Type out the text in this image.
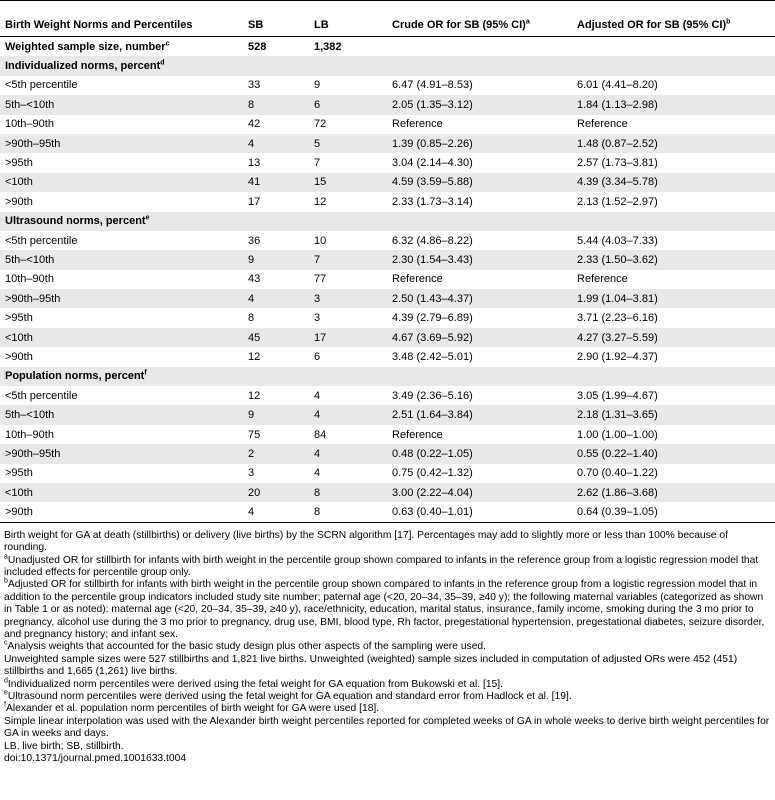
Birth Weight Norms and Percentiles	SB	LB	Crude OR for SB (95% CI)$^a$	Adjusted OR for SB (95% CI)$^b$
Weighted sample size, number$^c$	528	1,382		
Individualized norms, percent$^d$				
<5th percentile	33	9	6.47 (4.91–8.53)	6.01 (4.41–8.20)
5th–<10th	8	6	2.05 (1.35–3.12)	1.84 (1.13–2.98)
10th–90th	42	72	Reference	Reference
>90th–95th	4	5	1.39 (0.85–2.26)	1.48 (0.87–2.52)
>95th	13	7	3.04 (2.14–4.30)	2.57 (1.73–3.81)
<10th	41	15	4.59 (3.59–5.88)	4.39 (3.34–5.78)
>90th	17	12	2.33 (1.73–3.14)	2.13 (1.52–2.97)
Ultrasound norms, percent$^e$				
<5th percentile	36	10	6.32 (4.86–8.22)	5.44 (4.03–7.33)
5th–<10th	9	7	2.30 (1.54–3.43)	2.33 (1.50–3.62)
10th–90th	43	77	Reference	Reference
>90th–95th	4	3	2.50 (1.43–4.37)	1.99 (1.04–3.81)
>95th	8	3	4.39 (2.79–6.89)	3.71 (2.23–6.16)
<10th	45	17	4.67 (3.69–5.92)	4.27 (3.27–5.59)
>90th	12	6	3.48 (2.42–5.01)	2.90 (1.92–4.37)
Population norms, percent$^f$				
<5th percentile	12	4	3.49 (2.36–5.16)	3.05 (1.99–4.67)
5th–<10th	9	4	2.51 (1.64–3.84)	2.18 (1.31–3.65)
10th–90th	75	84	Reference	1.00 (1.00–1.00)
>90th–95th	2	4	0.48 (0.22–1.05)	0.55 (0.22–1.40)
>95th	3	4	0.75 (0.42–1.32)	0.70 (0.40–1.22)
<10th	20	8	3.00 (2.22–4.04)	2.62 (1.86–3.68)
>90th	4	8	0.63 (0.40–1.01)	0.64 (0.39–1.05)
Birth weight for GA at death (stillbirths) or delivery (live births) by the SCRN algorithm [17]. Percentages may add to slightly more or less than 100% because of rounding.
$^a$Unadjusted OR for stillbirth for infants with birth weight in the percentile group shown compared to infants in the reference group from a logistic regression model that included effects for percentile group only.
$^b$Adjusted OR for stillbirth for infants with birth weight in the percentile group shown compared to infants in the reference group from a logistic regression model that in addition to the percentile group indicators included study site number; paternal age (<20, 20–34, 35–39, ≥40 y); the following maternal variables (categorized as shown in Table 1 or as noted): maternal age (<20, 20–34, 35–39, ≥40 y), race/ethnicity, education, marital status, insurance, family income, smoking during the 3 mo prior to pregnancy, alcohol use during the 3 mo prior to pregnancy, drug use, BMI, blood type, Rh factor, pregestational hypertension, pregestational diabetes, seizure disorder, and pregnancy history; and infant sex.
$^c$Analysis weights that accounted for the basic study design plus other aspects of the sampling were used.
Unweighted sample sizes were 527 stillbirths and 1,821 live births. Unweighted (weighted) sample sizes included in computation of adjusted ORs were 452 (451) stillbirths and 1,665 (1,261) live births.
$^d$Individualized norm percentiles were derived using the fetal weight for GA equation from Bukowski et al. [15].
$^e$Ultrasound norm percentiles were derived using the fetal weight for GA equation and standard error from Hadlock et al. [19].
$^f$Alexander et al. population norm percentiles of birth weight for GA were used [18].
Simple linear interpolation was used with the Alexander birth weight percentiles reported for completed weeks of GA in whole weeks to derive birth weight percentiles for GA in weeks and days.
LB, live birth; SB, stillbirth.
doi:10.1371/journal.pmed.1001633.t004
